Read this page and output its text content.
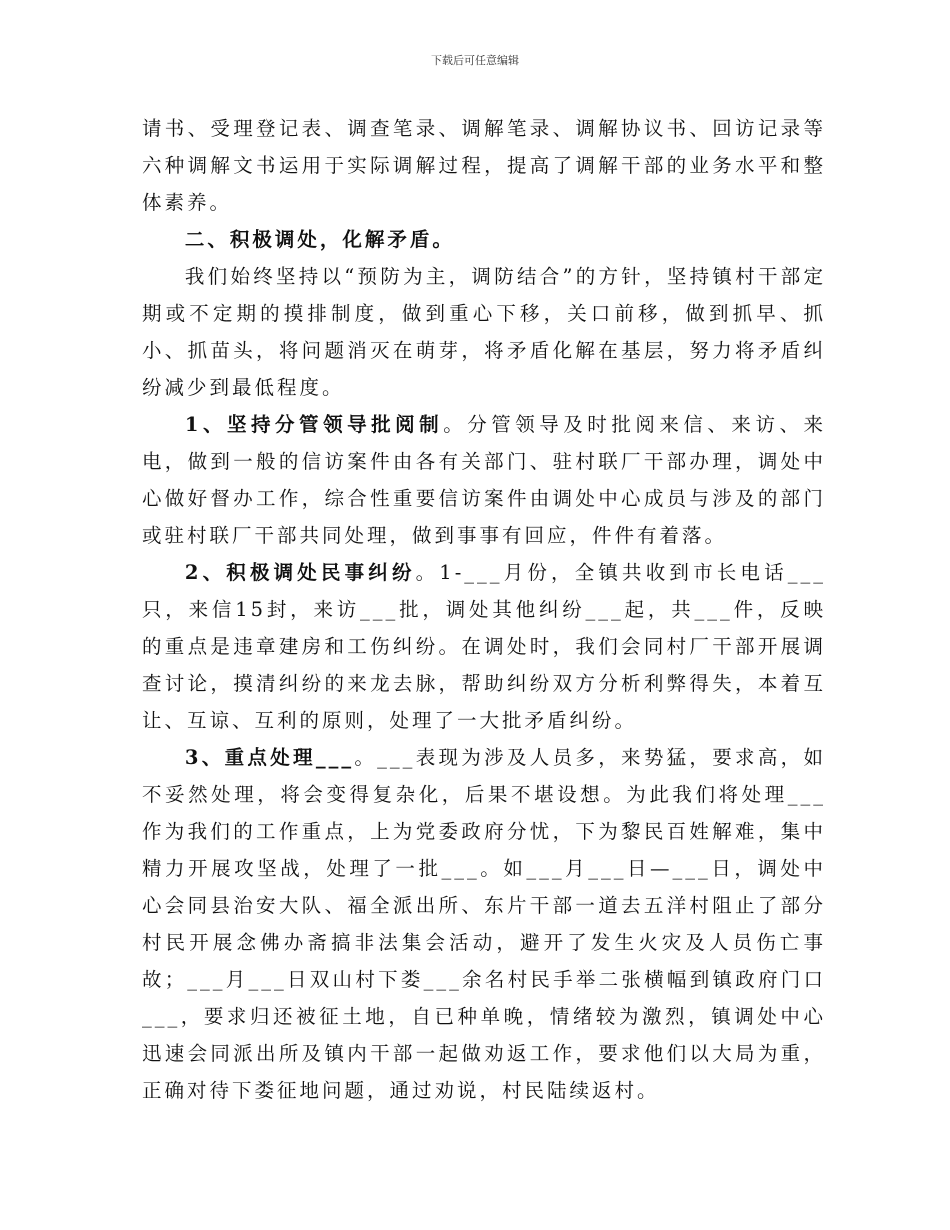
下载后可任意编辑

请书、受理登记表、调查笔录、调解笔录、调解协议书、回访记录等六种调解文书运用于实际调解过程，提高了调解干部的业务水平和整体素养。

二、积极调处，化解矛盾。

我们始终坚持以“预防为主，调防结合”的方针，坚持镇村干部定期或不定期的摸排制度，做到重心下移，关口前移，做到抓早、抓小、抓苗头，将问题消灭在萌芽，将矛盾化解在基层，努力将矛盾纠纷减少到最低程度。

1、坚持分管领导批阅制。分管领导及时批阅来信、来访、来电，做到一般的信访案件由各有关部门、驻村联厂干部办理，调处中心做好督办工作，综合性重要信访案件由调处中心成员与涉及的部门或驻村联厂干部共同处理，做到事事有回应，件件有着落。

2、积极调处民事纠纷。1-___月份，全镇共收到市长电话___只，来信15封，来访___批，调处其他纠纷___起，共___件，反映的重点是违章建房和工伤纠纷。在调处时，我们会同村厂干部开展调查讨论，摸清纠纷的来龙去脉，帮助纠纷双方分析利弊得失，本着互让、互谅、互利的原则，处理了一大批矛盾纠纷。

3、重点处理___。___表现为涉及人员多，来势猛，要求高，如不妥然处理，将会变得复杂化，后果不堪设想。为此我们将处理___作为我们的工作重点，上为党委政府分忧，下为黎民百姓解难，集中精力开展攻坚战，处理了一批___。如___月___日—___日，调处中心会同县治安大队、福全派出所、东片干部一道去五洋村阻止了部分村民开展念佛办斋搞非法集会活动，避开了发生火灾及人员伤亡事故；___月___日双山村下娄___余名村民手举二张横幅到镇政府门口___，要求归还被征土地，自已种单晚，情绪较为激烈，镇调处中心迅速会同派出所及镇内干部一起做劝返工作，要求他们以大局为重，正确对待下娄征地问题，通过劝说，村民陆续返村。
